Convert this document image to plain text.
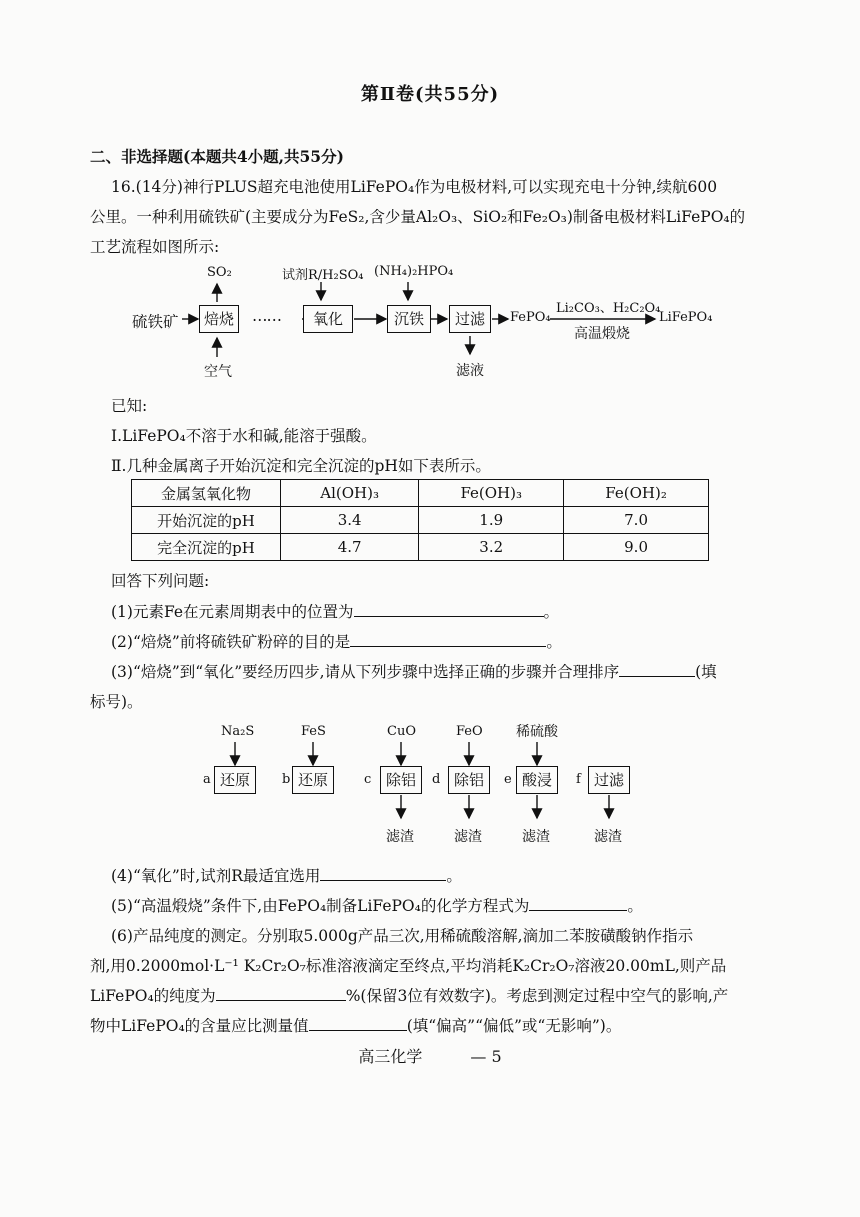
第Ⅱ卷(共55分)
二、非选择题(本题共4小题,共55分)
16.(14分)神行PLUS超充电池使用LiFePO₄作为电极材料,可以实现充电十分钟,续航600
公里。一种利用硫铁矿(主要成分为FeS₂,含少量Al₂O₃、SiO₂和Fe₂O₃)制备电极材料LiFePO₄的
工艺流程如图所示:
硫铁矿	焙烧	……	氧化	沉铁	过滤	FePO₄
Li₂CO₃、H₂C₂O₄
高温煅烧
LiFePO₄
SO₂
空气
试剂R/H₂SO₄ (NH₄)₂HPO₄
滤液
已知:
Ⅰ.LiFePO₄不溶于水和碱,能溶于强酸。
Ⅱ.几种金属离子开始沉淀和完全沉淀的pH如下表所示。
金属氢氧化物	Al(OH)₃	Fe(OH)₃	Fe(OH)₂
开始沉淀的pH	3.4	1.9	7.0
完全沉淀的pH	4.7	3.2	9.0
回答下列问题:
(1)元素Fe在元素周期表中的位置为	。
(2)“焙烧”前将硫铁矿粉碎的目的是	。
(3)“焙烧”到“氧化”要经历四步,请从下列步骤中选择正确的步骤并合理排序	(填
标号)。
Na₂S
a 还原
FeS
b 还原
CuO
c 除铝
滤渣
FeO
d 除铝
滤渣
稀硫酸
e 酸浸
滤渣
f 过滤
滤渣
(4)“氧化”时,试剂R最适宜选用	。
(5)“高温煅烧”条件下,由FePO₄制备LiFePO₄的化学方程式为	。
(6)产品纯度的测定。分别取5.000g产品三次,用稀硫酸溶解,滴加二苯胺磺酸钠作指示
剂,用0.2000mol·L⁻¹ K₂Cr₂O₇标准溶液滴定至终点,平均消耗K₂Cr₂O₇溶液20.00mL,则产品
LiFePO₄的纯度为	%(保留3位有效数字)。考虑到测定过程中空气的影响,产
物中LiFePO₄的含量应比测量值	(填“偏高”“偏低”或“无影响”)。
高三化学	— 5
